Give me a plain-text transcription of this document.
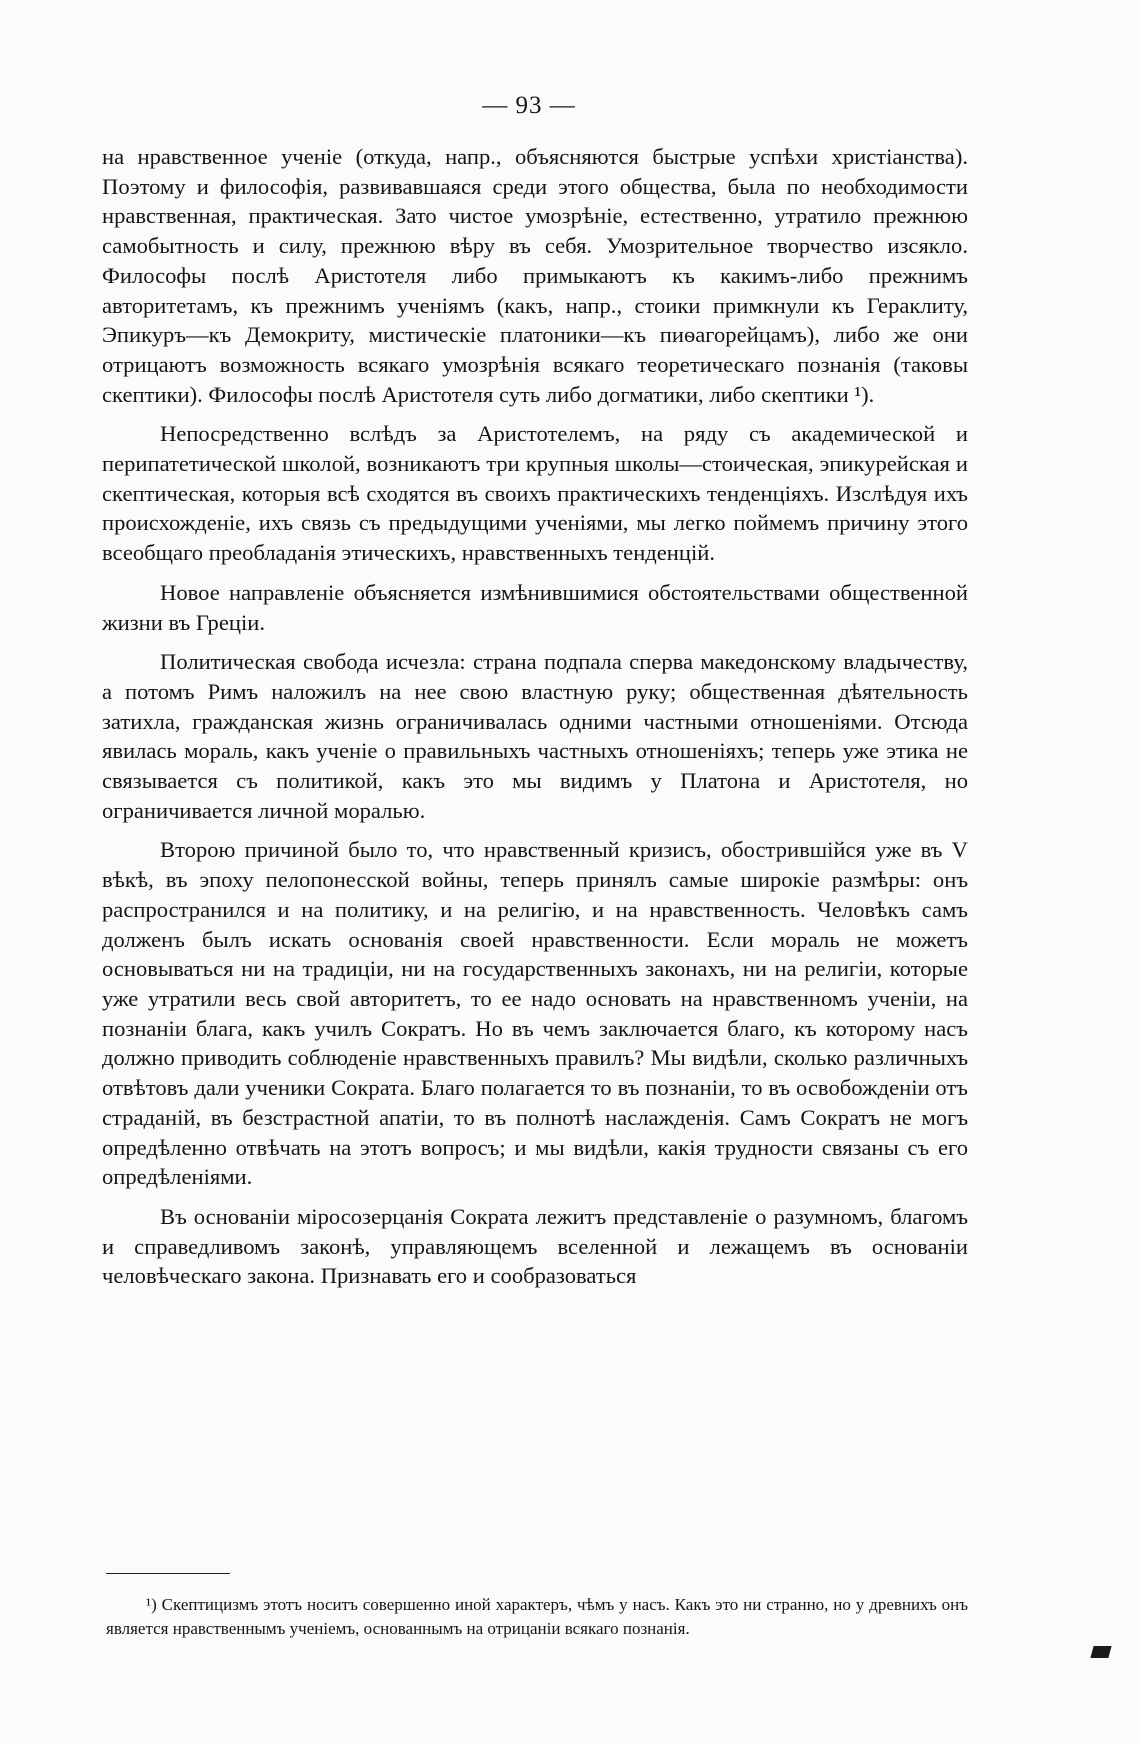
— 93 —

на нравственное ученіе (откуда, напр., объясняются быстрые успѣхи христіанства). Поэтому и философія, развивавшаяся среди этого общества, была по необходимости нравственная, практическая. Зато чистое умозрѣніе, естественно, утратило прежнюю самобытность и силу, прежнюю вѣру въ себя. Умозрительное творчество изсякло. Философы послѣ Аристотеля либо примыкаютъ къ какимъ-либо прежнимъ авторитетамъ, къ прежнимъ ученіямъ (какъ, напр., стоики примкнули къ Гераклиту, Эпикуръ—къ Демокриту, мистическіе платоники—къ пиѳагорейцамъ), либо же они отрицаютъ возможность всякаго умозрѣнія всякаго теоретическаго познанія (таковы скептики). Философы послѣ Аристотеля суть либо догматики, либо скептики ¹).

Непосредственно вслѣдъ за Аристотелемъ, на ряду съ академической и перипатетической школой, возникаютъ три крупныя школы—стоическая, эпикурейская и скептическая, которыя всѣ сходятся въ своихъ практическихъ тенденціяхъ. Изслѣдуя ихъ происхожденіе, ихъ связь съ предыдущими ученіями, мы легко поймемъ причину этого всеобщаго преобладанія этическихъ, нравственныхъ тенденцій.

Новое направленіе объясняется измѣнившимися обстоятельствами общественной жизни въ Греціи.

Политическая свобода исчезла: страна подпала сперва македонскому владычеству, а потомъ Римъ наложилъ на нее свою властную руку; общественная дѣятельность затихла, гражданская жизнь ограничивалась одними частными отношеніями. Отсюда явилась мораль, какъ ученіе о правильныхъ частныхъ отношеніяхъ; теперь уже этика не связывается съ политикой, какъ это мы видимъ у Платона и Аристотеля, но ограничивается личной моралью.

Второю причиной было то, что нравственный кризисъ, обострившійся уже въ V вѣкѣ, въ эпоху пелопонесской войны, теперь принялъ самые широкіе размѣры: онъ распространился и на политику, и на религію, и на нравственность. Человѣкъ самъ долженъ былъ искать основанія своей нравственности. Если мораль не можетъ основываться ни на традиціи, ни на государственныхъ законахъ, ни на религіи, которые уже утратили весь свой авторитетъ, то ее надо основать на нравственномъ ученіи, на познаніи блага, какъ училъ Сократъ. Но въ чемъ заключается благо, къ которому насъ должно приводить соблюденіе нравственныхъ правилъ? Мы видѣли, сколько различныхъ отвѣтовъ дали ученики Сократа. Благо полагается то въ познаніи, то въ освобожденіи отъ страданій, въ безстрастной апатіи, то въ полнотѣ наслажденія. Самъ Сократъ не могъ опредѣленно отвѣчать на этотъ вопросъ; и мы видѣли, какія трудности связаны съ его опредѣленіями.

Въ основаніи міросозерцанія Сократа лежитъ представленіе о разумномъ, благомъ и справедливомъ законѣ, управляющемъ вселенной и лежащемъ въ основаніи человѣческаго закона. Признавать его и сообразоваться

¹) Скептицизмъ этотъ носитъ совершенно иной характеръ, чѣмъ у насъ. Какъ это ни странно, но у древнихъ онъ является нравственнымъ ученіемъ, основаннымъ на отрицаніи всякаго познанія.
